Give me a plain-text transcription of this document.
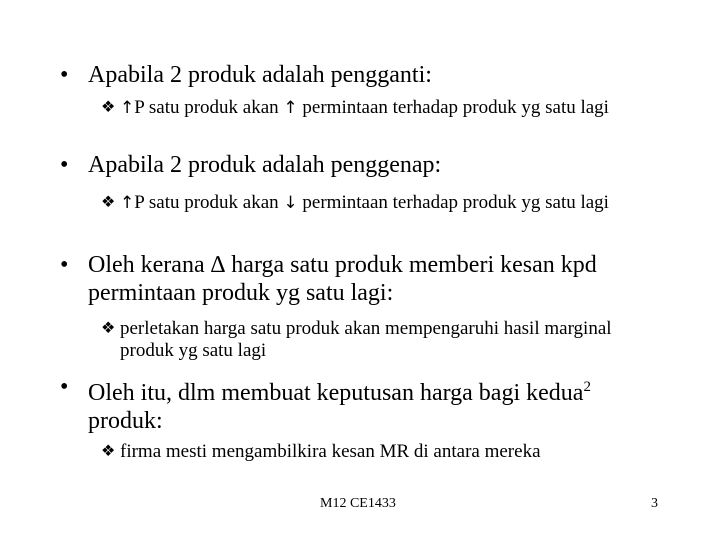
• Apabila 2 produk adalah pengganti:
❖ ↑P satu produk akan ↑ permintaan terhadap produk yg satu lagi
• Apabila 2 produk adalah penggenap:
❖ ↑P satu produk akan ↓ permintaan terhadap produk yg satu lagi
• Oleh kerana ∆ harga satu produk memberi kesan kpd permintaan produk yg satu lagi:
❖ perletakan harga satu produk akan mempengaruhi hasil marginal produk yg satu lagi
• Oleh itu, dlm membuat keputusan harga bagi kedua$^2$ produk:
❖ firma mesti mengambilkira kesan MR di antara mereka
M12 CE1433	3
